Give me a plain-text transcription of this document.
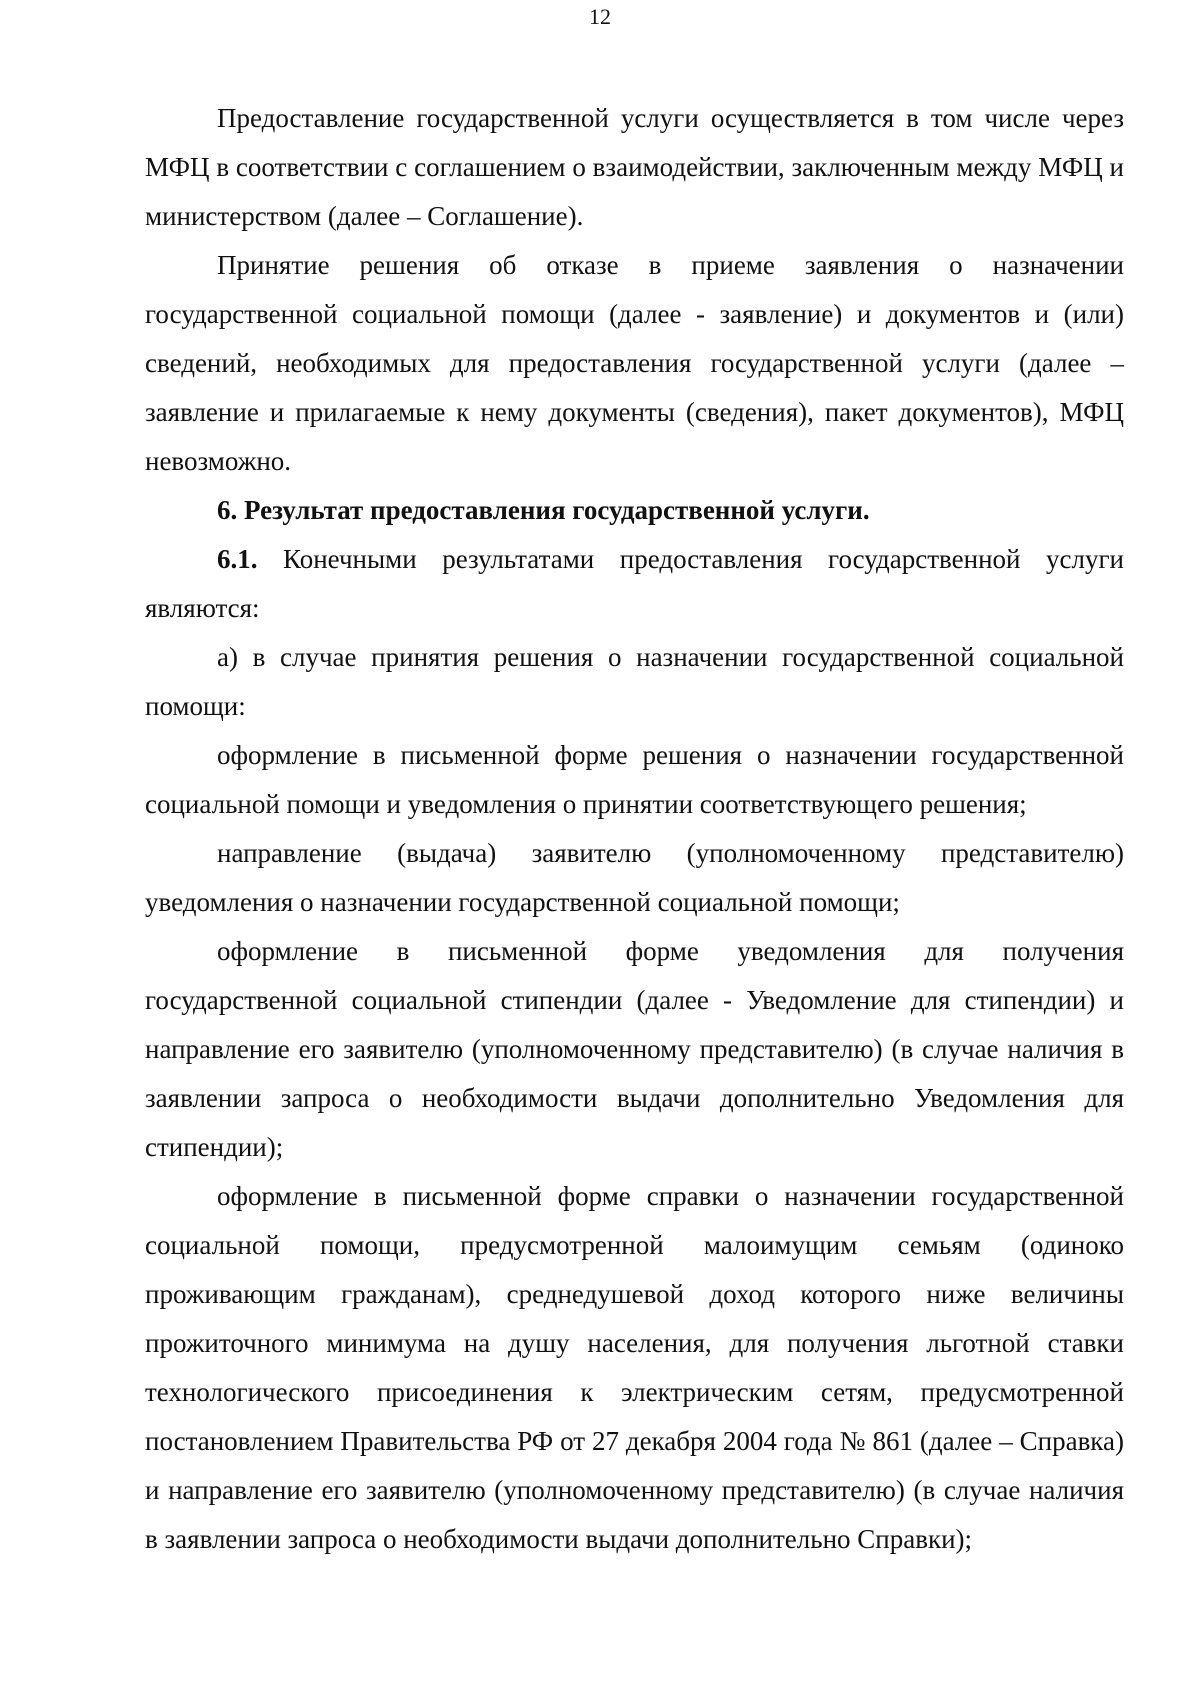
12

Предоставление государственной услуги осуществляется в том числе через МФЦ в соответствии с соглашением о взаимодействии, заключенным между МФЦ и министерством (далее – Соглашение).

Принятие решения об отказе в приеме заявления о назначении государственной социальной помощи (далее - заявление) и документов и (или) сведений, необходимых для предоставления государственной услуги (далее – заявление и прилагаемые к нему документы (сведения), пакет документов), МФЦ невозможно.

6. Результат предоставления государственной услуги.

6.1. Конечными результатами предоставления государственной услуги являются:

а) в случае принятия решения о назначении государственной социальной помощи:

оформление в письменной форме решения о назначении государственной социальной помощи и уведомления о принятии соответствующего решения;

направление (выдача) заявителю (уполномоченному представителю) уведомления о назначении государственной социальной помощи;

оформление в письменной форме уведомления для получения государственной социальной стипендии (далее - Уведомление для стипендии) и направление его заявителю (уполномоченному представителю) (в случае наличия в заявлении запроса о необходимости выдачи дополнительно Уведомления для стипендии);

оформление в письменной форме справки о назначении государственной социальной помощи, предусмотренной малоимущим семьям (одиноко проживающим гражданам), среднедушевой доход которого ниже величины прожиточного минимума на душу населения, для получения льготной ставки технологического присоединения к электрическим сетям, предусмотренной постановлением Правительства РФ от 27 декабря 2004 года № 861 (далее – Справка) и направление его заявителю (уполномоченному представителю) (в случае наличия в заявлении запроса о необходимости выдачи дополнительно Справки);
